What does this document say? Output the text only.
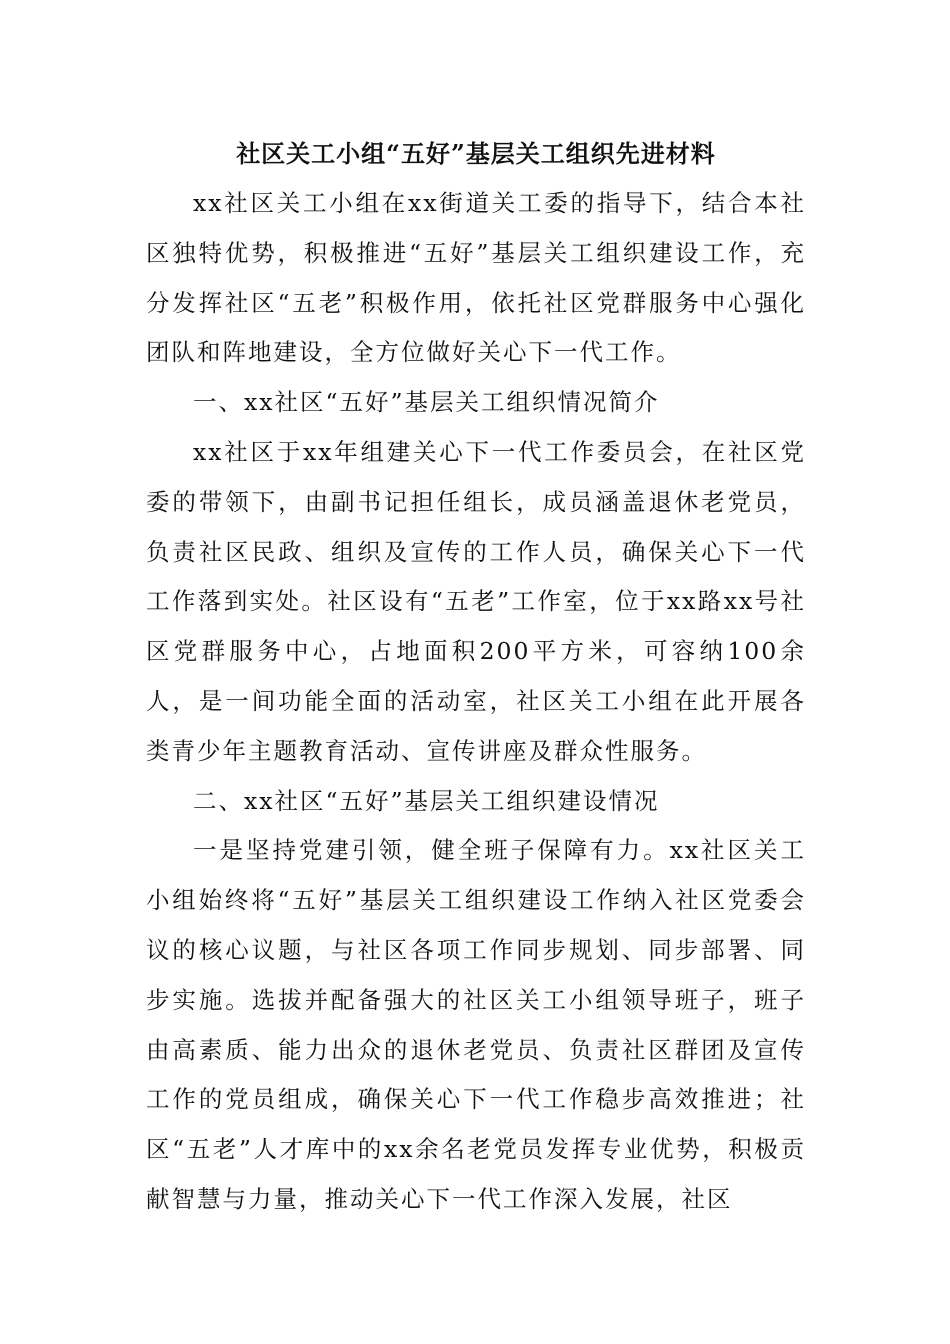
社区关工小组“五好”基层关工组织先进材料

xx社区关工小组在xx街道关工委的指导下，结合本社区独特优势，积极推进“五好”基层关工组织建设工作，充分发挥社区“五老”积极作用，依托社区党群服务中心强化团队和阵地建设，全方位做好关心下一代工作。

一、xx社区“五好”基层关工组织情况简介

xx社区于xx年组建关心下一代工作委员会，在社区党委的带领下，由副书记担任组长，成员涵盖退休老党员，负责社区民政、组织及宣传的工作人员，确保关心下一代工作落到实处。社区设有“五老”工作室，位于xx路xx号社区党群服务中心，占地面积200平方米，可容纳100余人，是一间功能全面的活动室，社区关工小组在此开展各类青少年主题教育活动、宣传讲座及群众性服务。

二、xx社区“五好”基层关工组织建设情况

一是坚持党建引领，健全班子保障有力。xx社区关工小组始终将“五好”基层关工组织建设工作纳入社区党委会议的核心议题，与社区各项工作同步规划、同步部署、同步实施。选拔并配备强大的社区关工小组领导班子，班子由高素质、能力出众的退休老党员、负责社区群团及宣传工作的党员组成，确保关心下一代工作稳步高效推进；社区“五老”人才库中的xx余名老党员发挥专业优势，积极贡献智慧与力量，推动关心下一代工作深入发展，社区
